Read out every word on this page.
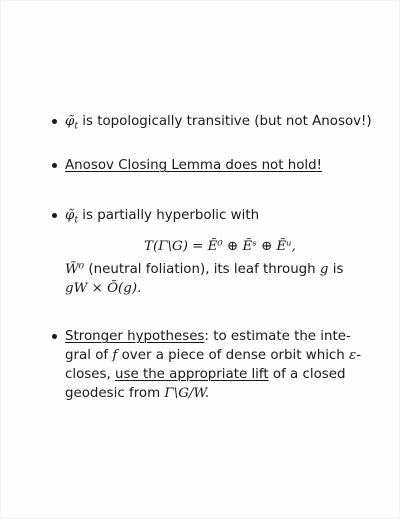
$\varphĩ_t$ is topologically transitive (but not Anosov!)
Anosov Closing Lemma does not hold!
$\varphĩ_t$ is partially hyperbolic with
T(Γ\G) = Ẽ⁰ ⊕ Ẽˢ ⊕ Ẽᵘ,
W̃⁰ (neutral foliation), its leaf through g is
gW × Õ(g).
Stronger hypotheses: to estimate the inte-
gral of f over a piece of dense orbit which ε-
closes, use the appropriate lift of a closed
geodesic from Γ\G/W.
